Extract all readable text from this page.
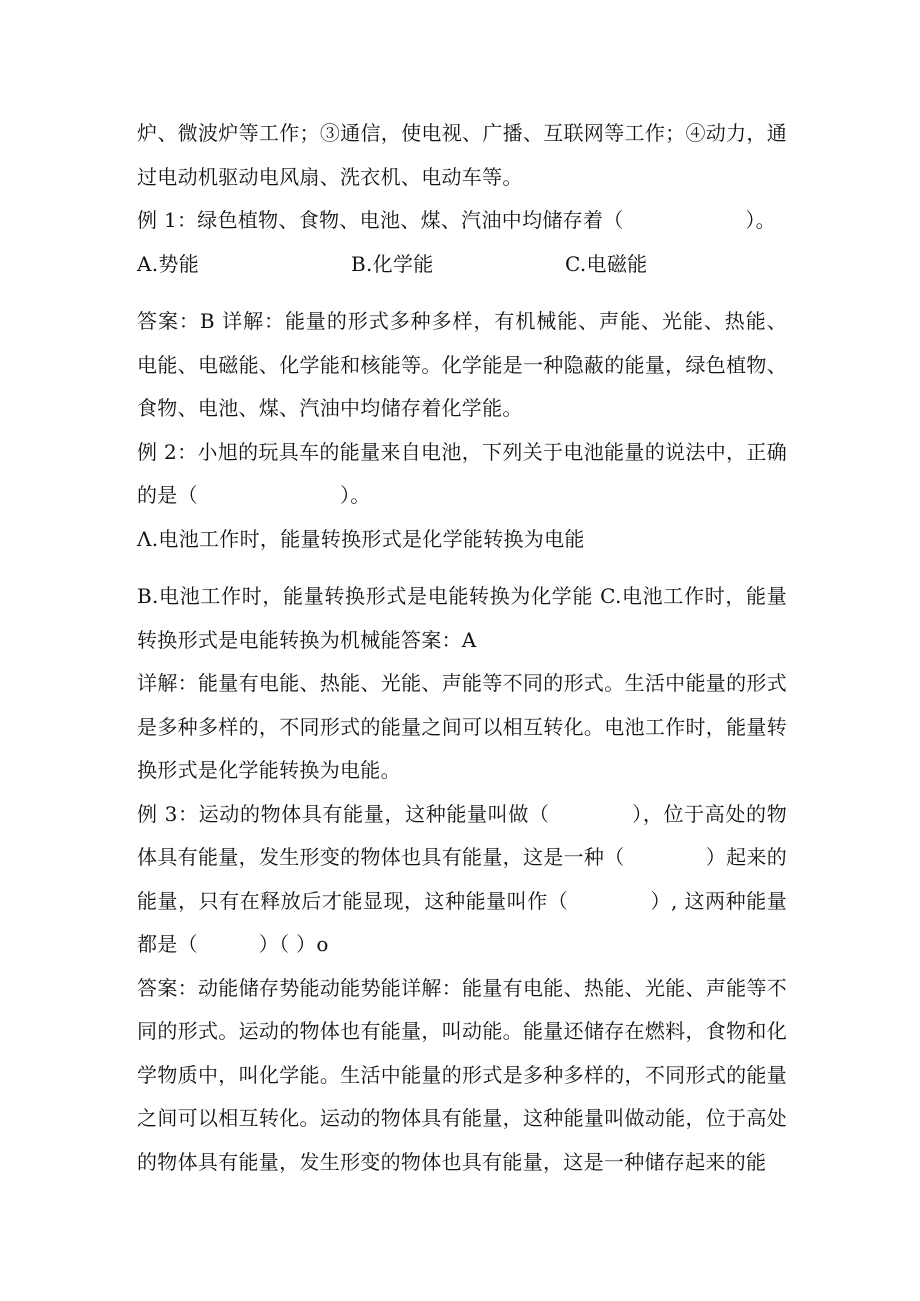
炉、微波炉等工作；③通信，使电视、广播、互联网等工作；④动力，通过电动机驱动电风扇、洗衣机、电动车等。

例 1：绿色植物、食物、电池、煤、汽油中均储存着（　　　　　　）。

A.势能	B.化学能	C.电磁能

答案：B 详解：能量的形式多种多样，有机械能、声能、光能、热能、电能、电磁能、化学能和核能等。化学能是一种隐蔽的能量，绿色植物、食物、电池、煤、汽油中均储存着化学能。

例 2：小旭的玩具车的能量来自电池，下列关于电池能量的说法中，正确的是（　　　　　　　）。

Λ.电池工作时，能量转换形式是化学能转换为电能

B.电池工作时，能量转换形式是电能转换为化学能 C.电池工作时，能量转换形式是电能转换为机械能答案：A

详解：能量有电能、热能、光能、声能等不同的形式。生活中能量的形式是多种多样的，不同形式的能量之间可以相互转化。电池工作时，能量转换形式是化学能转换为电能。

例 3：运动的物体具有能量，这种能量叫做（　　　　），位于高处的物体具有能量，发生形变的物体也具有能量，这是一种（　　　　）起来的能量，只有在释放后才能显现，这种能量叫作（　　　　）, 这两种能量都是（　　　）（ ）o

答案：动能储存势能动能势能详解：能量有电能、热能、光能、声能等不同的形式。运动的物体也有能量，叫动能。能量还储存在燃料，食物和化学物质中，叫化学能。生活中能量的形式是多种多样的，不同形式的能量之间可以相互转化。运动的物体具有能量，这种能量叫做动能，位于高处的物体具有能量，发生形变的物体也具有能量，这是一种储存起来的能
